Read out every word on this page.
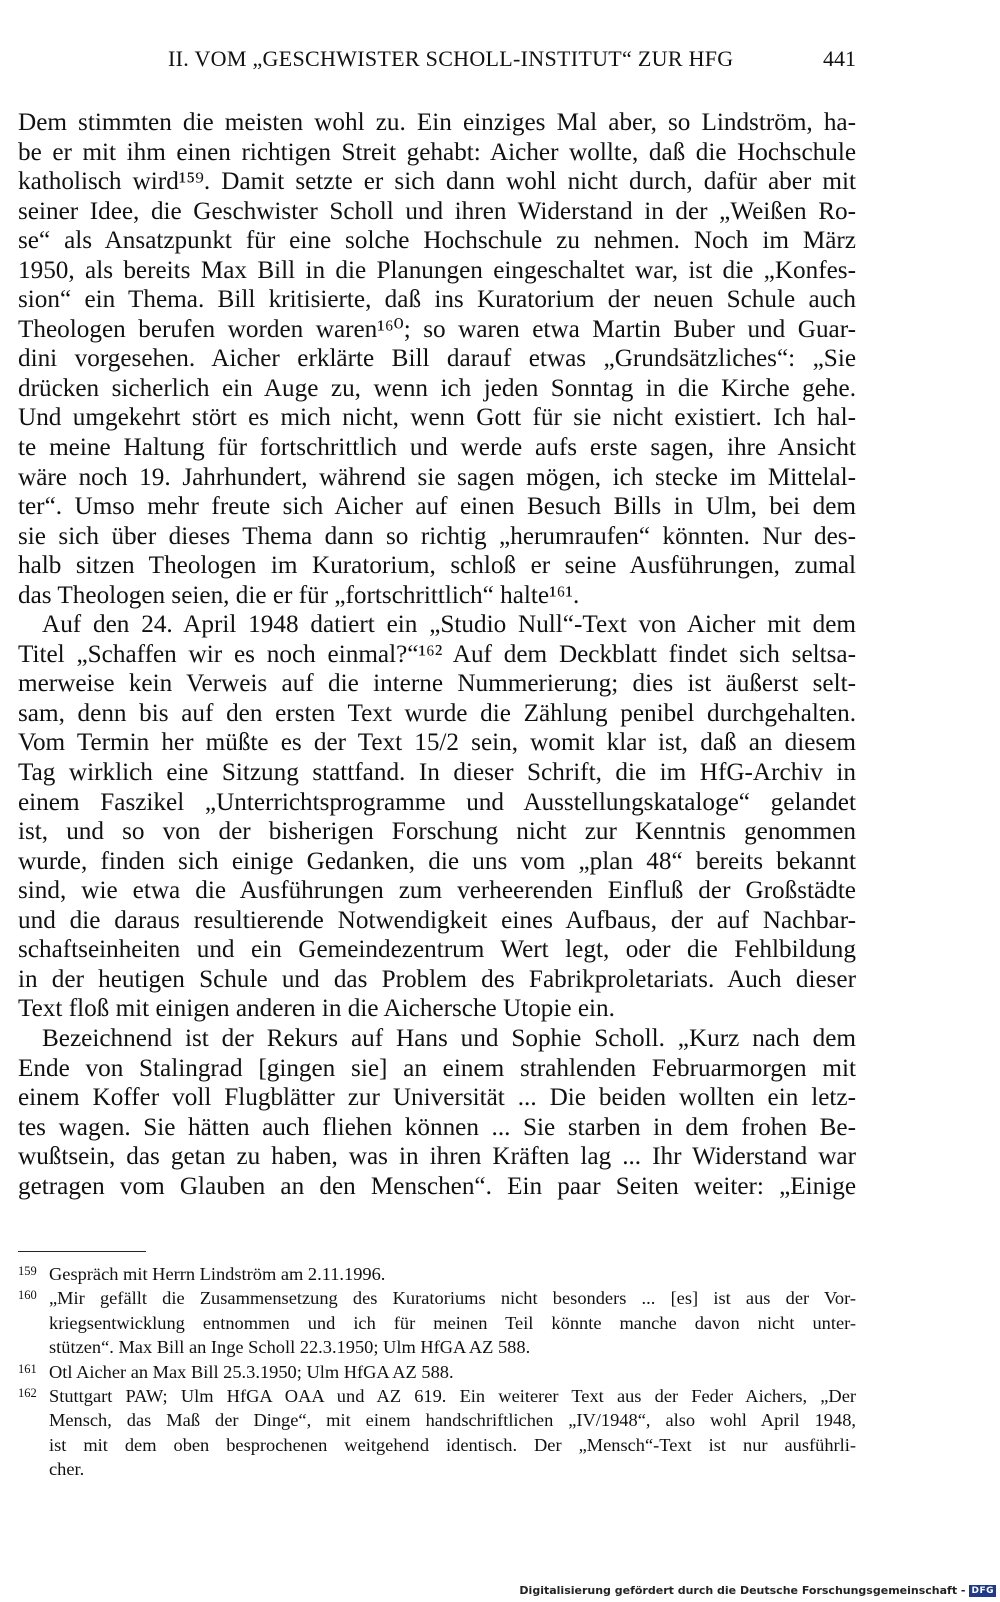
II. VOM „GESCHWISTER SCHOLL-INSTITUT“ ZUR HFG	441
Dem stimmten die meisten wohl zu. Ein einziges Mal aber, so Lindström, ha-
be er mit ihm einen richtigen Streit gehabt: Aicher wollte, daß die Hochschule
katholisch wird¹⁵⁹. Damit setzte er sich dann wohl nicht durch, dafür aber mit
seiner Idee, die Geschwister Scholl und ihren Widerstand in der „Weißen Ro-
se“ als Ansatzpunkt für eine solche Hochschule zu nehmen. Noch im März
1950, als bereits Max Bill in die Planungen eingeschaltet war, ist die „Konfes-
sion“ ein Thema. Bill kritisierte, daß ins Kuratorium der neuen Schule auch
Theologen berufen worden waren¹⁶⁰; so waren etwa Martin Buber und Guar-
dini vorgesehen. Aicher erklärte Bill darauf etwas „Grundsätzliches“: „Sie
drücken sicherlich ein Auge zu, wenn ich jeden Sonntag in die Kirche gehe.
Und umgekehrt stört es mich nicht, wenn Gott für sie nicht existiert. Ich hal-
te meine Haltung für fortschrittlich und werde aufs erste sagen, ihre Ansicht
wäre noch 19. Jahrhundert, während sie sagen mögen, ich stecke im Mittelal-
ter“. Umso mehr freute sich Aicher auf einen Besuch Bills in Ulm, bei dem
sie sich über dieses Thema dann so richtig „herumraufen“ könnten. Nur des-
halb sitzen Theologen im Kuratorium, schloß er seine Ausführungen, zumal
das Theologen seien, die er für „fortschrittlich“ halte¹⁶¹.
Auf den 24. April 1948 datiert ein „Studio Null“-Text von Aicher mit dem
Titel „Schaffen wir es noch einmal?“¹⁶² Auf dem Deckblatt findet sich seltsa-
merweise kein Verweis auf die interne Nummerierung; dies ist äußerst selt-
sam, denn bis auf den ersten Text wurde die Zählung penibel durchgehalten.
Vom Termin her müßte es der Text 15/2 sein, womit klar ist, daß an diesem
Tag wirklich eine Sitzung stattfand. In dieser Schrift, die im HfG-Archiv in
einem Faszikel „Unterrichtsprogramme und Ausstellungskataloge“ gelandet
ist, und so von der bisherigen Forschung nicht zur Kenntnis genommen
wurde, finden sich einige Gedanken, die uns vom „plan 48“ bereits bekannt
sind, wie etwa die Ausführungen zum verheerenden Einfluß der Großstädte
und die daraus resultierende Notwendigkeit eines Aufbaus, der auf Nachbar-
schaftseinheiten und ein Gemeindezentrum Wert legt, oder die Fehlbildung
in der heutigen Schule und das Problem des Fabrikproletariats. Auch dieser
Text floß mit einigen anderen in die Aichersche Utopie ein.
Bezeichnend ist der Rekurs auf Hans und Sophie Scholl. „Kurz nach dem
Ende von Stalingrad [gingen sie] an einem strahlenden Februarmorgen mit
einem Koffer voll Flugblätter zur Universität ... Die beiden wollten ein letz-
tes wagen. Sie hätten auch fliehen können ... Sie starben in dem frohen Be-
wußtsein, das getan zu haben, was in ihren Kräften lag ... Ihr Widerstand war
getragen vom Glauben an den Menschen“. Ein paar Seiten weiter: „Einige
159 Gespräch mit Herrn Lindström am 2.11.1996.
160 „Mir gefällt die Zusammensetzung des Kuratoriums nicht besonders ... [es] ist aus der Vor-
kriegsentwicklung entnommen und ich für meinen Teil könnte manche davon nicht unter-
stützen“. Max Bill an Inge Scholl 22.3.1950; Ulm HfGA AZ 588.
161 Otl Aicher an Max Bill 25.3.1950; Ulm HfGA AZ 588.
162 Stuttgart PAW; Ulm HfGA OAA und AZ 619. Ein weiterer Text aus der Feder Aichers, „Der
Mensch, das Maß der Dinge“, mit einem handschriftlichen „IV/1948“, also wohl April 1948,
ist mit dem oben besprochenen weitgehend identisch. Der „Mensch“-Text ist nur ausführli-
cher.
Digitalisierung gefördert durch die Deutsche Forschungsgemeinschaft - DFG
